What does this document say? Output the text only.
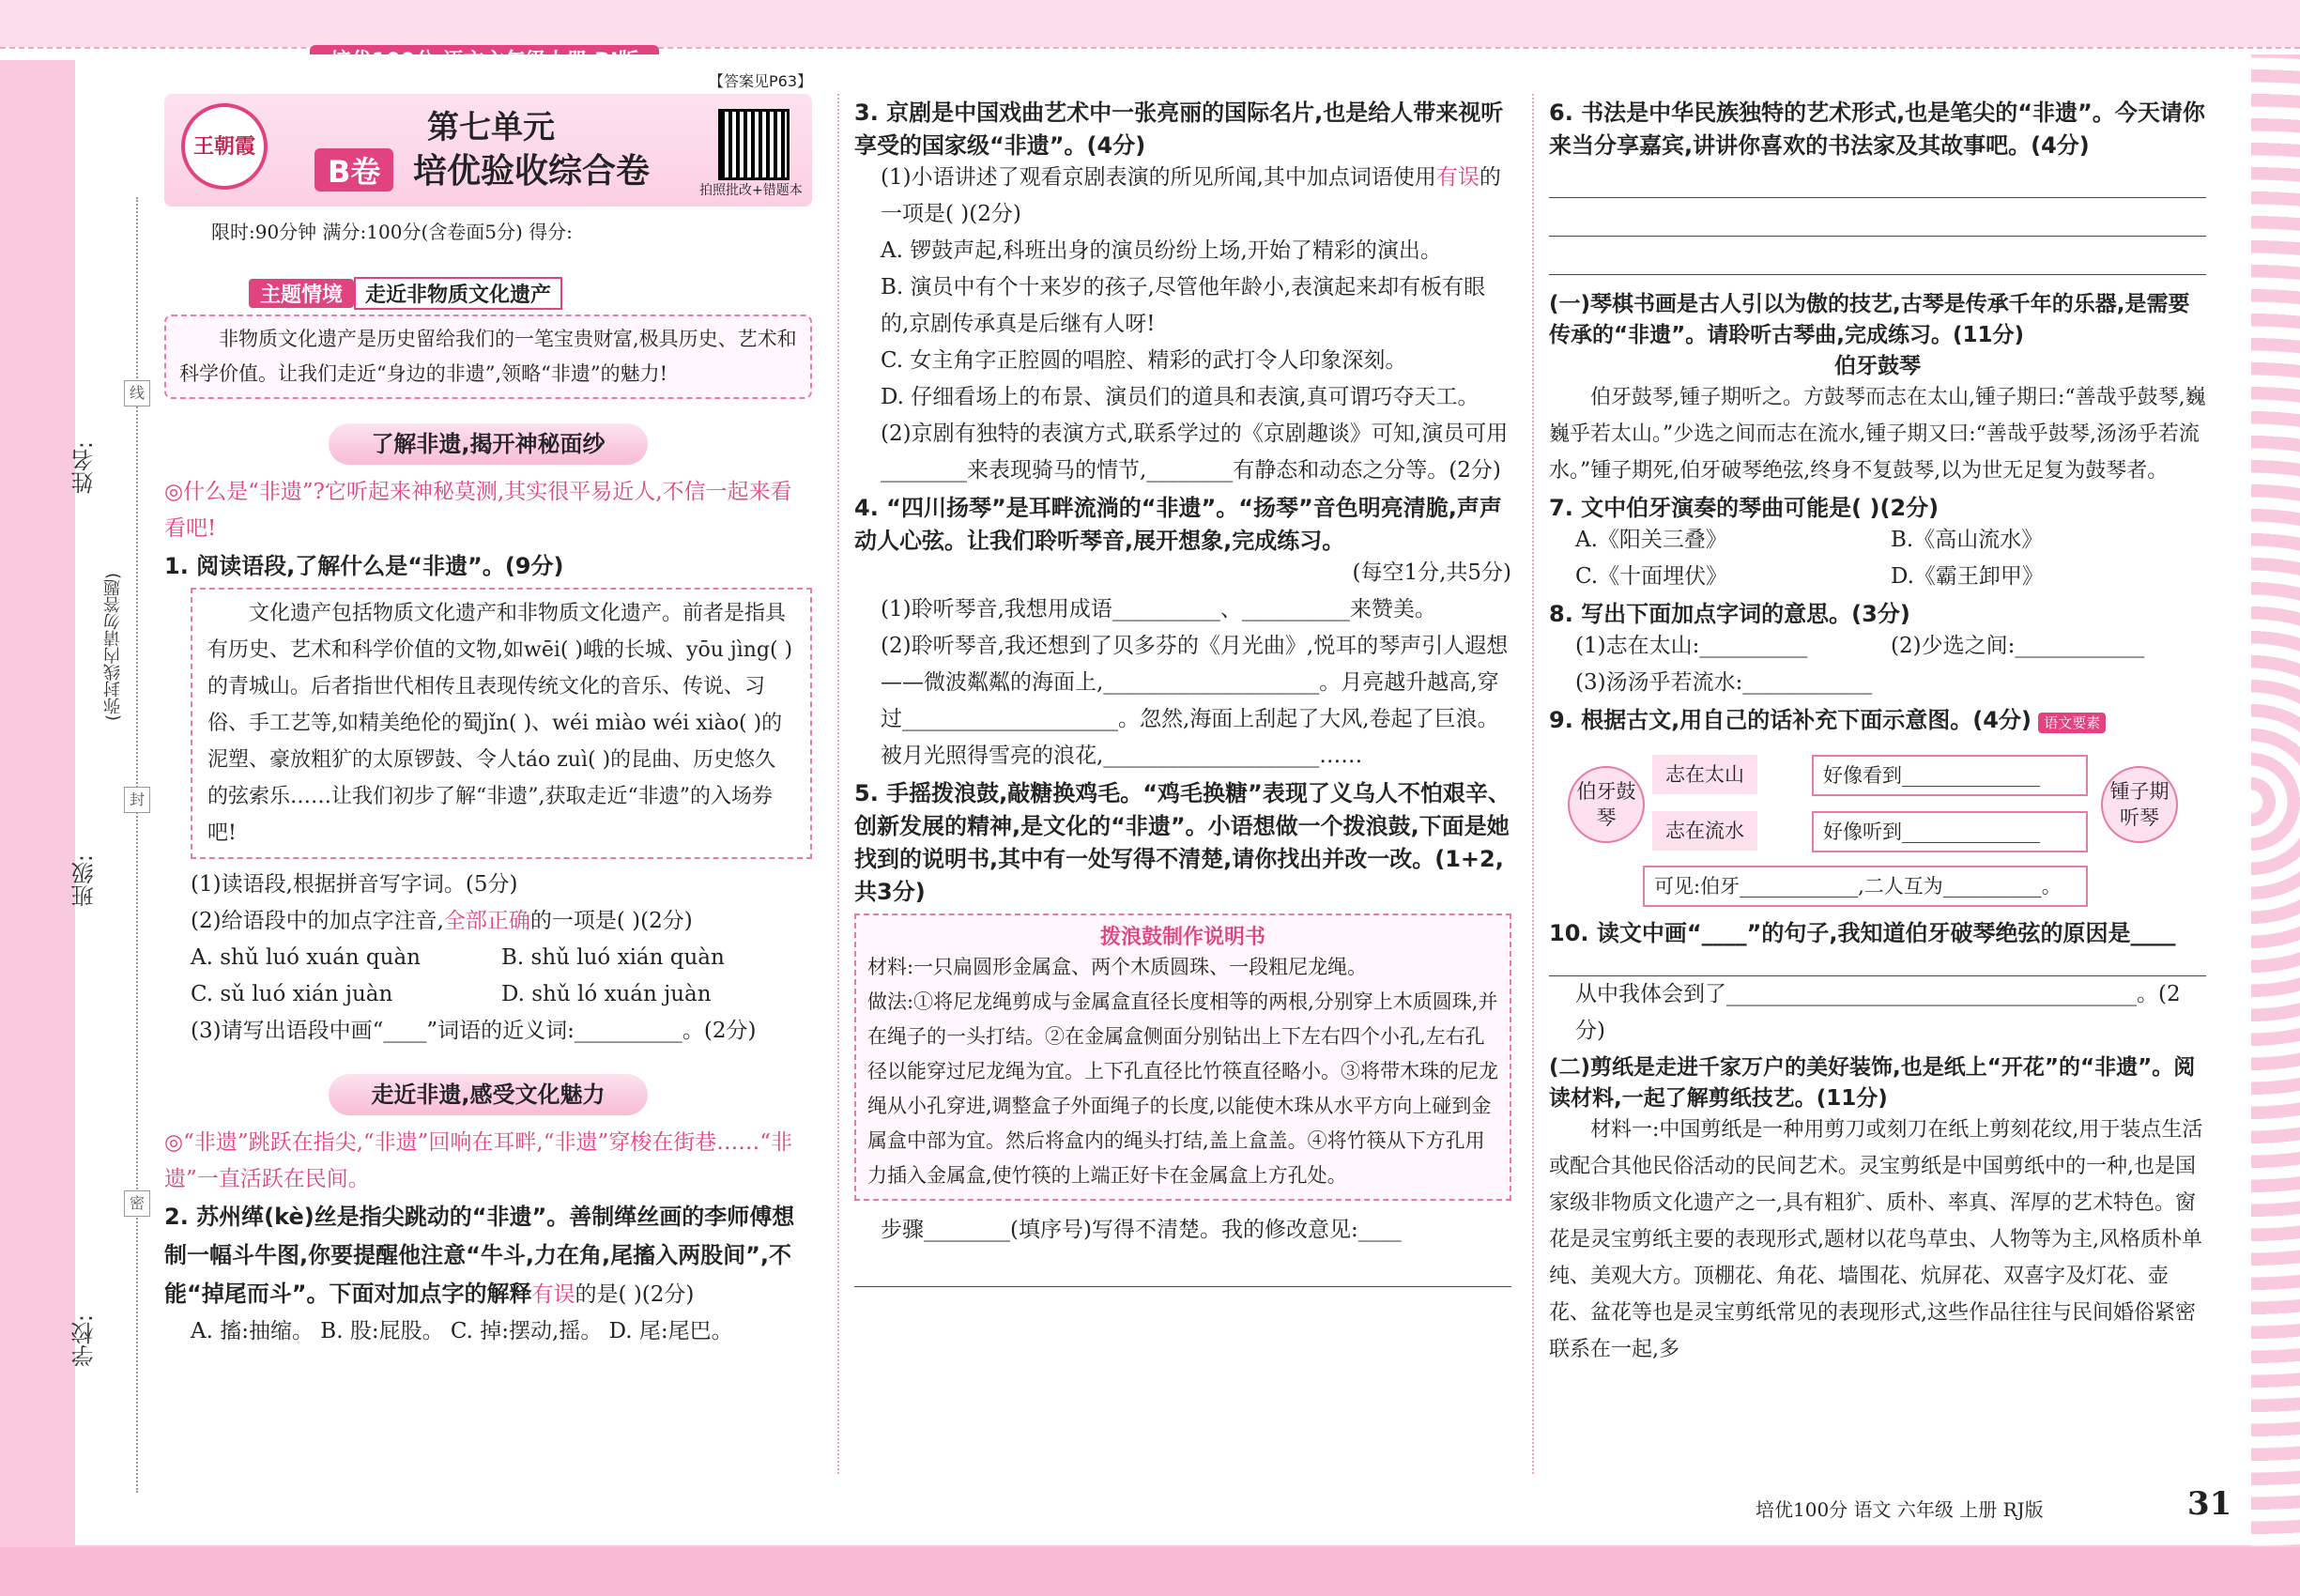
姓名:
班级:
学校:
(弥封线内请勿答题)
线
封
密
【答案见P63】
王朝霞	第七单元
B卷 培优验收综合卷	拍照批改+错题本
限时:90分钟 满分:100分(含卷面5分) 得分:
主题情境 走近非物质文化遗产
非物质文化遗产是历史留给我们的一笔宝贵财富,极具历史、艺术和科学价值。让我们走近“身边的非遗”,领略“非遗”的魅力!
了解非遗,揭开神秘面纱
◎什么是“非遗”?它听起来神秘莫测,其实很平易近人,不信一起来看看吧!
1. 阅读语段,了解什么是“非遗”。(9分)
文化遗产包括物质文化遗产和非物质文化遗产。前者是指具有历史、艺术和科学价值的文物,如wēi( )峨的长城、yōu jìng( )的青城山。后者指世代相传且表现传统文化的音乐、传说、习俗、手工艺等,如精美绝伦的蜀jǐn( )、wéi miào wéi xiào( )的泥塑、豪放粗犷的太原锣鼓、令人táo zuì( )的昆曲、历史悠久的弦索乐……让我们初步了解“非遗”,获取走近“非遗”的入场券吧!
(1)读语段,根据拼音写字词。(5分)
(2)给语段中的加点字注音,全部正确的一项是( )(2分)
A. shǔ luó xuán quàn	B. shǔ luó xián quàn
C. sǔ luó xián juàn	D. shǔ ló xuán juàn
(3)请写出语段中画“____”词语的近义词:__________。(2分)
走近非遗,感受文化魅力
◎“非遗”跳跃在指尖,“非遗”回响在耳畔,“非遗”穿梭在街巷……“非遗”一直活跃在民间。
2. 苏州缂(kè)丝是指尖跳动的“非遗”。善制缂丝画的李师傅想制一幅斗牛图,你要提醒他注意“牛斗,力在角,尾搐入两股间”,不能“掉尾而斗”。下面对加点字的解释有误的是( )(2分)
A. 搐:抽缩。 B. 股:屁股。 C. 掉:摆动,摇。 D. 尾:尾巴。
3. 京剧是中国戏曲艺术中一张亮丽的国际名片,也是给人带来视听享受的国家级“非遗”。(4分)
(1)小语讲述了观看京剧表演的所见所闻,其中加点词语使用有误的一项是( )(2分)
A. 锣鼓声起,科班出身的演员纷纷上场,开始了精彩的演出。
B. 演员中有个十来岁的孩子,尽管他年龄小,表演起来却有板有眼的,京剧传承真是后继有人呀!
C. 女主角字正腔圆的唱腔、精彩的武打令人印象深刻。
D. 仔细看场上的布景、演员们的道具和表演,真可谓巧夺天工。
(2)京剧有独特的表演方式,联系学过的《京剧趣谈》可知,演员可用________来表现骑马的情节,________有静态和动态之分等。(2分)
4. “四川扬琴”是耳畔流淌的“非遗”。“扬琴”音色明亮清脆,声声动人心弦。让我们聆听琴音,展开想象,完成练习。
(每空1分,共5分)
(1)聆听琴音,我想用成语__________、__________来赞美。
(2)聆听琴音,我还想到了贝多芬的《月光曲》,悦耳的琴声引人遐想——微波粼粼的海面上,____________________。月亮越升越高,穿过____________________。忽然,海面上刮起了大风,卷起了巨浪。被月光照得雪亮的浪花,____________________……
5. 手摇拨浪鼓,敲糖换鸡毛。“鸡毛换糖”表现了义乌人不怕艰辛、创新发展的精神,是文化的“非遗”。小语想做一个拨浪鼓,下面是她找到的说明书,其中有一处写得不清楚,请你找出并改一改。(1+2,共3分)
拨浪鼓制作说明书
材料:一只扁圆形金属盒、两个木质圆珠、一段粗尼龙绳。
做法:①将尼龙绳剪成与金属盒直径长度相等的两根,分别穿上木质圆珠,并在绳子的一头打结。②在金属盒侧面分别钻出上下左右四个小孔,左右孔径以能穿过尼龙绳为宜。上下孔直径比竹筷直径略小。③将带木珠的尼龙绳从小孔穿进,调整盒子外面绳子的长度,以能使木珠从水平方向上碰到金属盒中部为宜。然后将盒内的绳头打结,盖上盒盖。④将竹筷从下方孔用力插入金属盒,使竹筷的上端正好卡在金属盒上方孔处。
步骤________(填序号)写得不清楚。我的修改意见:____
6. 书法是中华民族独特的艺术形式,也是笔尖的“非遗”。今天请你来当分享嘉宾,讲讲你喜欢的书法家及其故事吧。(4分)
(一)琴棋书画是古人引以为傲的技艺,古琴是传承千年的乐器,是需要传承的“非遗”。请聆听古琴曲,完成练习。(11分)
伯牙鼓琴
伯牙鼓琴,锺子期听之。方鼓琴而志在太山,锺子期曰:“善哉乎鼓琴,巍巍乎若太山。”少选之间而志在流水,锺子期又曰:“善哉乎鼓琴,汤汤乎若流水。”锺子期死,伯牙破琴绝弦,终身不复鼓琴,以为世无足复为鼓琴者。
7. 文中伯牙演奏的琴曲可能是( )(2分)
A.《阳关三叠》	B.《高山流水》
C.《十面埋伏》	D.《霸王卸甲》
8. 写出下面加点字词的意思。(3分)
(1)志在太山:__________	(2)少选之间:____________
(3)汤汤乎若流水:____________
9. 根据古文,用自己的话补充下面示意图。(4分) 语文要素
伯牙鼓琴
锺子期听琴
志在太山
志在流水
好像看到______________
好像听到______________
可见:伯牙____________,二人互为__________。
10. 读文中画“____”的句子,我知道伯牙破琴绝弦的原因是____
从中我体会到了______________________________________。(2分)
(二)剪纸是走进千家万户的美好装饰,也是纸上“开花”的“非遗”。阅读材料,一起了解剪纸技艺。(11分)
材料一:中国剪纸是一种用剪刀或刻刀在纸上剪刻花纹,用于装点生活或配合其他民俗活动的民间艺术。灵宝剪纸是中国剪纸中的一种,也是国家级非物质文化遗产之一,具有粗犷、质朴、率真、浑厚的艺术特色。窗花是灵宝剪纸主要的表现形式,题材以花鸟草虫、人物等为主,风格质朴单纯、美观大方。顶棚花、角花、墙围花、炕屏花、双喜字及灯花、壶花、盆花等也是灵宝剪纸常见的表现形式,这些作品往往与民间婚俗紧密联系在一起,多
培优100分 语文 六年级 上册 RJ版	31
